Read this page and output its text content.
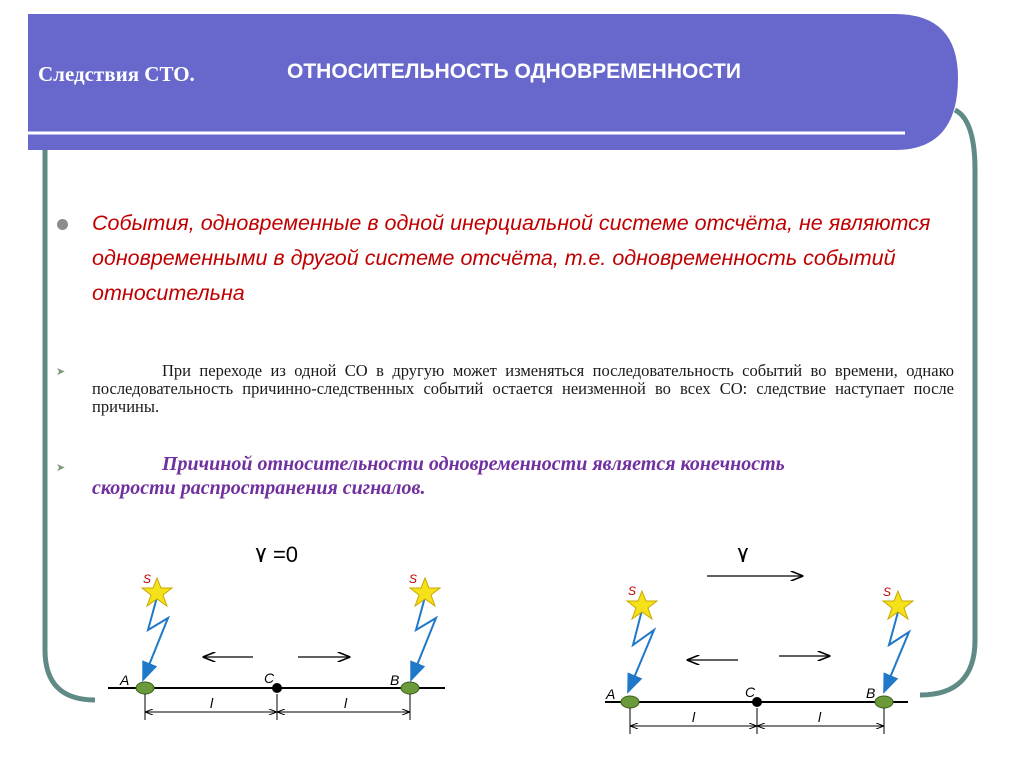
Следствия СТО.	ОТНОСИТЕЛЬНОСТЬ ОДНОВРЕМЕННОСТИ

События, одновременные в одной инерциальной системе отсчёта, не являются одновременными в другой системе отсчёта, т.е. одновременность событий относительна

➤	При переходе из одной СО в другую может изменяться последовательность событий во времени, однако последовательность причинно-следственных событий остается неизменной во всех СО: следствие наступает после причины.

➤	Причиной относительности одновременности является конечность скорости распространения сигналов.

٧ =0	٧
S	S
A	B
C
l	l
S	S
A	B
C
l	l
